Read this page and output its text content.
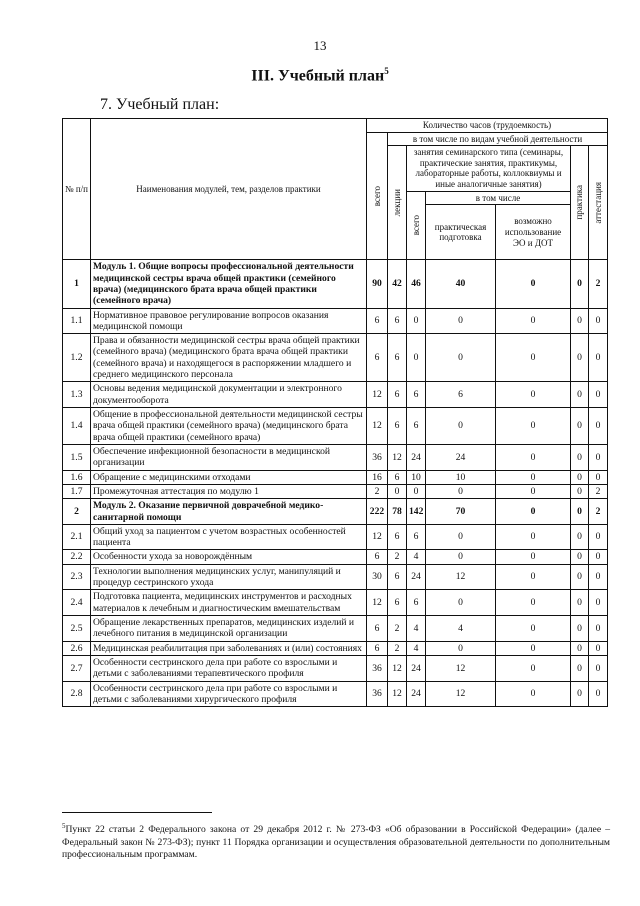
13
III. Учебный план$^5$
7. Учебный план:
№ п/п	Наименования модулей, тем, разделов практики	Количество часов (трудоемкость)						

		всего	в том числе по видам учебной деятельности					

			лекции	занятия семинарского типа (семинары, практические занятия, практикумы, лабораторные работы, коллоквиумы и иные аналогичные занятия)			практика	аттестация

				всего	в том числе			
					практическая подготовка	возможно использование ЭО и ДОТ		
1	Модуль 1. Общие вопросы профессиональной деятельности медицинской сестры врача общей практики (семейного врача) (медицинского брата врача общей практики (семейного врача)	90	42	46	40	0	0	2
1.1	Нормативное правовое регулирование вопросов оказания медицинской помощи	6	6	0	0	0	0	0
1.2	Права и обязанности медицинской сестры врача общей практики (семейного врача) (медицинского брата врача общей практики (семейного врача) и находящегося в распоряжении младшего и среднего медицинского персонала	6	6	0	0	0	0	0
1.3	Основы ведения медицинской документации и электронного документооборота	12	6	6	6	0	0	0
1.4	Общение в профессиональной деятельности медицинской сестры врача общей практики (семейного врача) (медицинского брата врача общей практики (семейного врача)	12	6	6	0	0	0	0
1.5	Обеспечение инфекционной безопасности в медицинской организации	36	12	24	24	0	0	0
1.6	Обращение с медицинскими отходами	16	6	10	10	0	0	0
1.7	Промежуточная аттестация по модулю 1	2	0	0	0	0	0	2
2	Модуль 2. Оказание первичной доврачебной медико-санитарной помощи	222	78	142	70	0	0	2
2.1	Общий уход за пациентом с учетом возрастных особенностей пациента	12	6	6	0	0	0	0
2.2	Особенности ухода за новорождённым	6	2	4	0	0	0	0
2.3	Технологии выполнения медицинских услуг, манипуляций и процедур сестринского ухода	30	6	24	12	0	0	0
2.4	Подготовка пациента, медицинских инструментов и расходных материалов к лечебным и диагностическим вмешательствам	12	6	6	0	0	0	0
2.5	Обращение лекарственных препаратов, медицинских изделий и лечебного питания в медицинской организации	6	2	4	4	0	0	0
2.6	Медицинская реабилитация при заболеваниях и (или) состояниях	6	2	4	0	0	0	0
2.7	Особенности сестринского дела при работе со взрослыми и детьми с заболеваниями терапевтического профиля	36	12	24	12	0	0	0
2.8	Особенности сестринского дела при работе со взрослыми и детьми с заболеваниями хирургического профиля	36	12	24	12	0	0	0
$^5$Пункт 22 статьи 2 Федерального закона от 29 декабря 2012 г. № 273-ФЗ «Об образовании в Российской Федерации» (далее – Федеральный закон № 273-ФЗ); пункт 11 Порядка организации и осуществления образовательной деятельности по дополнительным профессиональным программам.
